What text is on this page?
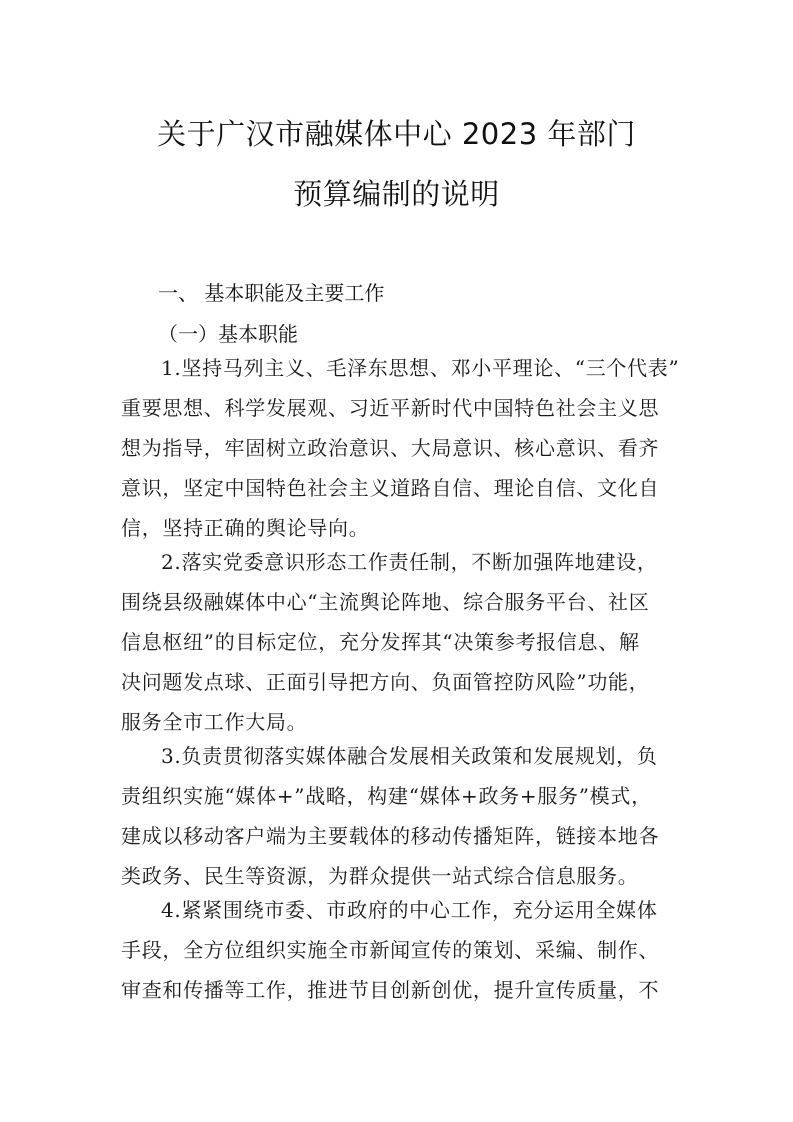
关于广汉市融媒体中心 2023 年部门
预算编制的说明
一、 基本职能及主要工作
（一）基本职能
1.坚持马列主义、毛泽东思想、邓小平理论、“三个代表”
重要思想、科学发展观、习近平新时代中国特色社会主义思
想为指导，牢固树立政治意识、大局意识、核心意识、看齐
意识，坚定中国特色社会主义道路自信、理论自信、文化自
信，坚持正确的舆论导向。
2.落实党委意识形态工作责任制，不断加强阵地建设，
围绕县级融媒体中心“主流舆论阵地、综合服务平台、社区
信息枢纽”的目标定位，充分发挥其“决策参考报信息、解
决问题发点球、正面引导把方向、负面管控防风险”功能，
服务全市工作大局。
3.负责贯彻落实媒体融合发展相关政策和发展规划，负
责组织实施“媒体+”战略，构建“媒体+政务+服务”模式，
建成以移动客户端为主要载体的移动传播矩阵，链接本地各
类政务、民生等资源，为群众提供一站式综合信息服务。
4.紧紧围绕市委、市政府的中心工作，充分运用全媒体
手段，全方位组织实施全市新闻宣传的策划、采编、制作、
审查和传播等工作，推进节目创新创优，提升宣传质量，不
